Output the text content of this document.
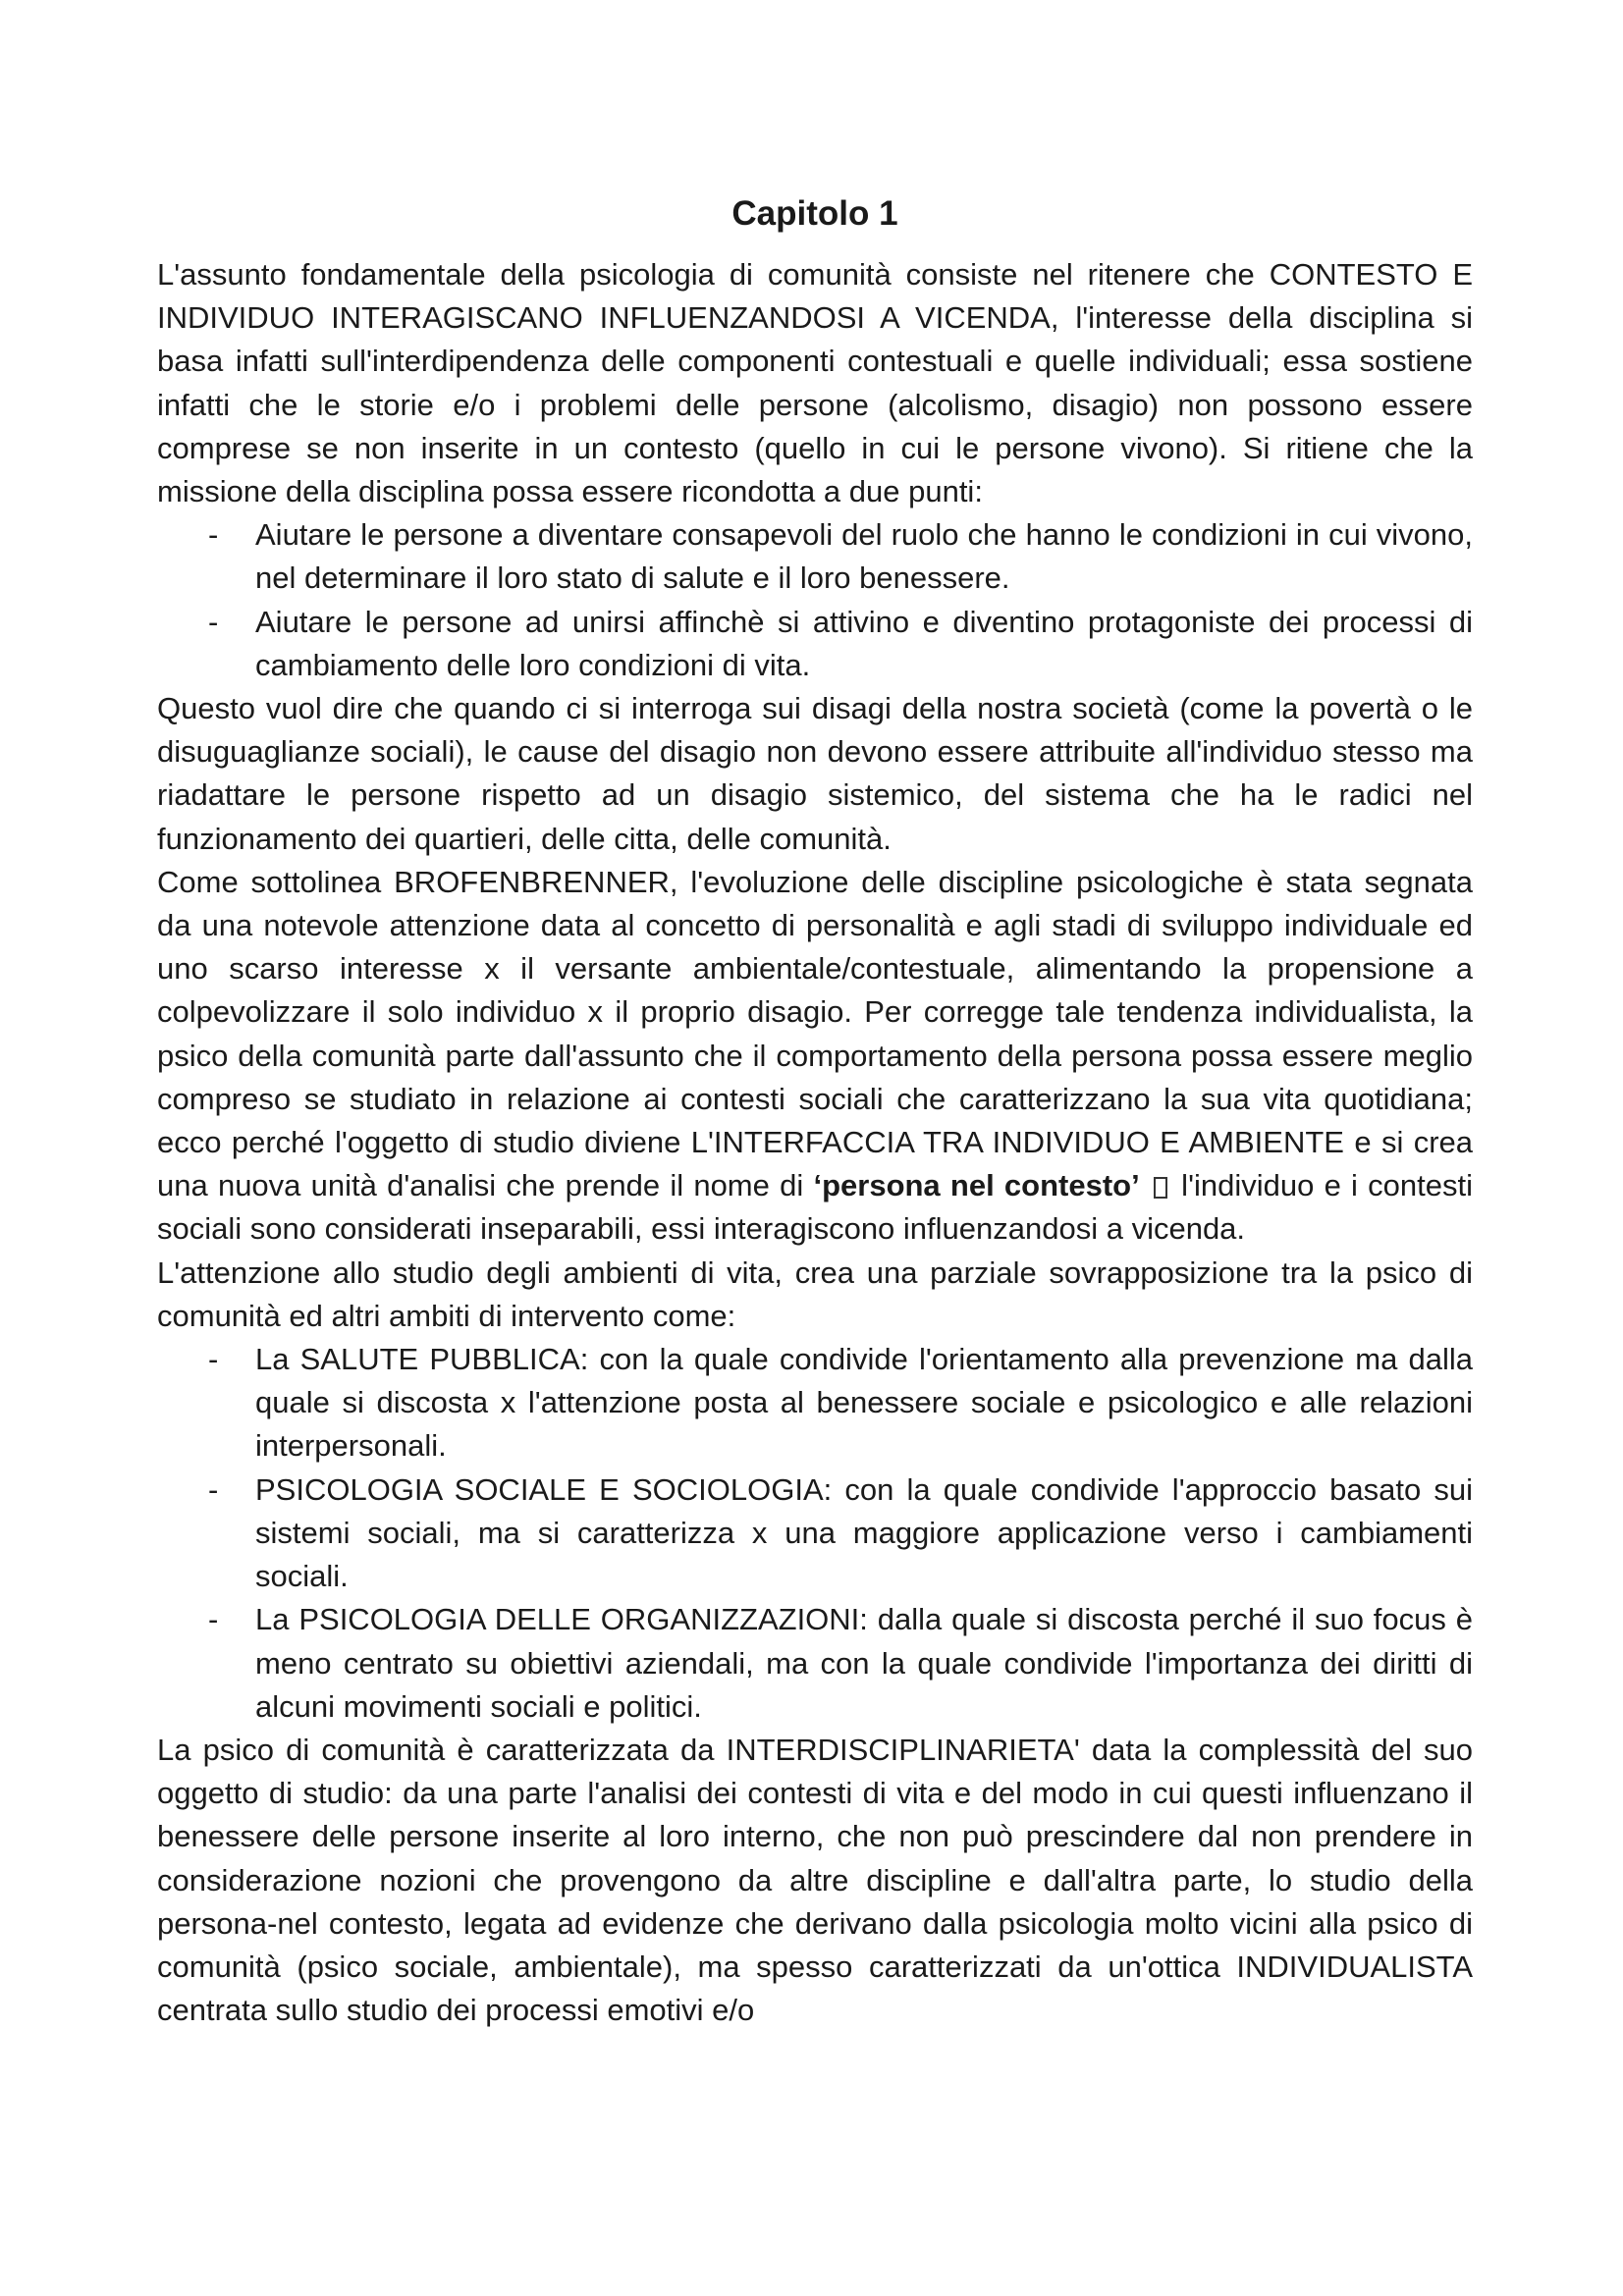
Capitolo 1

L'assunto fondamentale della psicologia di comunità consiste nel ritenere che CONTESTO E INDIVIDUO INTERAGISCANO INFLUENZANDOSI A VICENDA, l'interesse della disciplina si basa infatti sull'interdipendenza delle componenti contestuali e quelle individuali; essa sostiene infatti che le storie e/o i problemi delle persone (alcolismo, disagio) non possono essere comprese se non inserite in un contesto (quello in cui le persone vivono). Si ritiene che la missione della disciplina possa essere ricondotta a due punti:

- Aiutare le persone a diventare consapevoli del ruolo che hanno le condizioni in cui vivono, nel determinare il loro stato di salute e il loro benessere.
- Aiutare le persone ad unirsi affinchè si attivino e diventino protagoniste dei processi di cambiamento delle loro condizioni di vita.

Questo vuol dire che quando ci si interroga sui disagi della nostra società (come la povertà o le disuguaglianze sociali), le cause del disagio non devono essere attribuite all'individuo stesso ma riadattare le persone rispetto ad un disagio sistemico, del sistema che ha le radici nel funzionamento dei quartieri, delle citta, delle comunità.

Come sottolinea BROFENBRENNER, l'evoluzione delle discipline psicologiche è stata segnata da una notevole attenzione data al concetto di personalità e agli stadi di sviluppo individuale ed uno scarso interesse x il versante ambientale/contestuale, alimentando la propensione a colpevolizzare il solo individuo x il proprio disagio. Per corregge tale tendenza individualista, la psico della comunità parte dall'assunto che il comportamento della persona possa essere meglio compreso se studiato in relazione ai contesti sociali che caratterizzano la sua vita quotidiana; ecco perché l'oggetto di studio diviene L'INTERFACCIA TRA INDIVIDUO E AMBIENTE e si crea una nuova unità d'analisi che prende il nome di ‘persona nel contesto’  l'individuo e i contesti sociali sono considerati inseparabili, essi interagiscono influenzandosi a vicenda.

L'attenzione allo studio degli ambienti di vita, crea una parziale sovrapposizione tra la psico di comunità ed altri ambiti di intervento come:

- La SALUTE PUBBLICA: con la quale condivide l'orientamento alla prevenzione ma dalla quale si discosta x l'attenzione posta al benessere sociale e psicologico e alle relazioni interpersonali.
- PSICOLOGIA SOCIALE E SOCIOLOGIA: con la quale condivide l'approccio basato sui sistemi sociali, ma si caratterizza x una maggiore applicazione verso i cambiamenti sociali.
- La PSICOLOGIA DELLE ORGANIZZAZIONI: dalla quale si discosta perché il suo focus è meno centrato su obiettivi aziendali, ma con la quale condivide l'importanza dei diritti di alcuni movimenti sociali e politici.

La psico di comunità è caratterizzata da INTERDISCIPLINARIETA' data la complessità del suo oggetto di studio: da una parte l'analisi dei contesti di vita e del modo in cui questi influenzano il benessere delle persone inserite al loro interno, che non può prescindere dal non prendere in considerazione nozioni che provengono da altre discipline e dall'altra parte, lo studio della persona-nel contesto, legata ad evidenze che derivano dalla psicologia molto vicini alla psico di comunità (psico sociale, ambientale), ma spesso caratterizzati da un'ottica INDIVIDUALISTA centrata sullo studio dei processi emotivi e/o
